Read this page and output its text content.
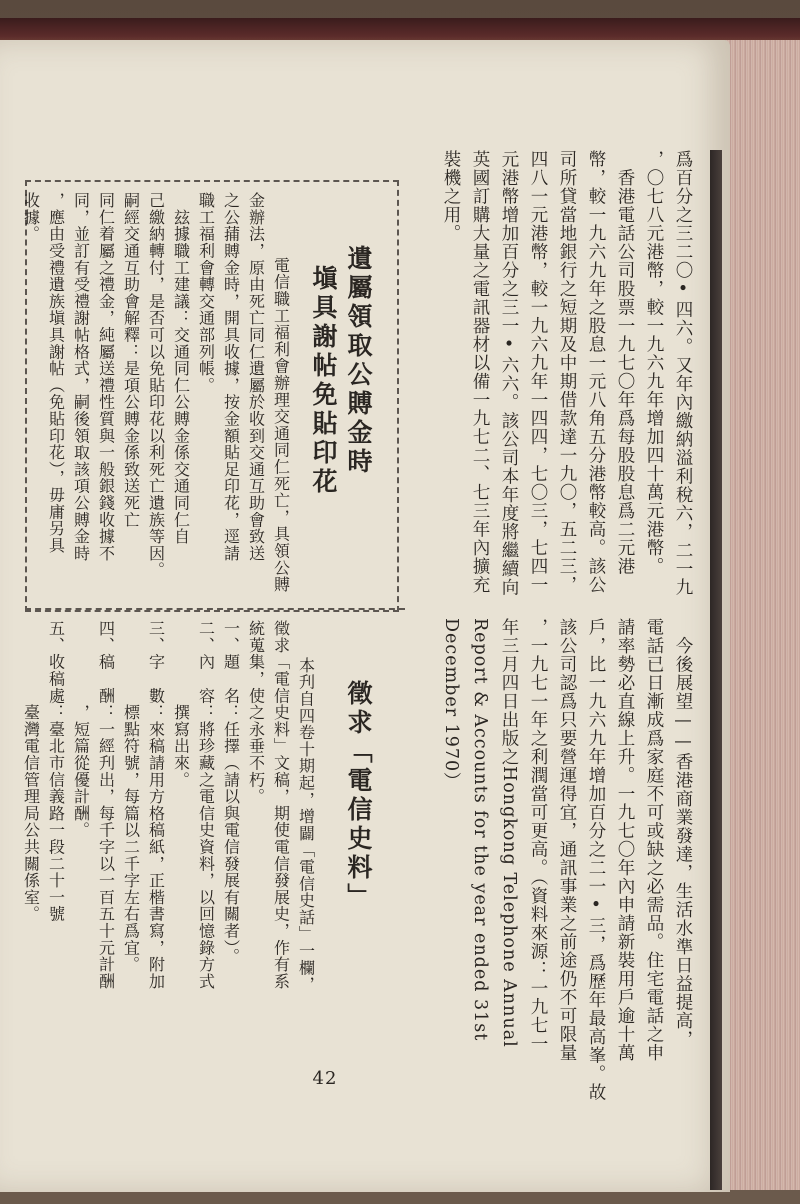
爲百分之三二〇•四六。又年內繳納溢利稅六，二一九
，〇七八元港幣，較一九六九年增加四十萬元港幣。
　香港電話公司股票一九七〇年爲每股股息爲二元港
幣，較一九六九年之股息一元八角五分港幣較高。該公
司所貸當地銀行之短期及中期借款達一九〇，五二三，
四八一元港幣，較一九六九年一四四，七〇三，七四一
元港幣增加百分之三一•六六。該公司本年度將繼續向
英國訂購大量之電訊器材以備一九七二、七三年內擴充
裝機之用。
　今後展望——香港商業發達，生活水準日益提高，
電話已日漸成爲家庭不可或缺之必需品。住宅電話之申
請率勢必直線上升。一九七〇年內申請新裝用戶逾十萬
戶，比一九六九年增加百分之二一•三，爲歷年最高峯。故
該公司認爲只要營運得宜，通訊事業之前途仍不可限量
，一九七一年之利潤當可更高。（資料來源：一九七一
年三月四日出版之Hongkong Telephone Annual
Report & Accounts for the year ended 31st
December 1970）
遺屬領取公賻金時
塡具謝帖免貼印花
　電信職工福利會辦理交通同仁死亡，具領公賻
金辦法，原由死亡同仁遺屬於收到交通互助會致送
之公蒱賻金時，開具收據，按金額貼足印花，逕請
職工福利會轉交通部列帳。
　玆據職工建議：交通同仁公賻金係交通同仁自
己繳納轉付，是否可以免貼印花以利死亡遺族等因。
嗣經交通互助會解釋：是項公賻金係致送死亡
同仁着屬之禮金，純屬送禮性質與一般銀錢收據不
同，並訂有受禮謝帖格式，嗣後領取該項公賻金時
，應由受禮遺族塡具謝帖（免貼印花），毋庸另具
收據。
徵求「電信史料」
　本刋自四卷十期起，增闢「電信史話」一欄，
徵求「電信史料」文稿，期使電信發展史，作有系
統蒐集，使之永垂不朽。
一、題　名：任擇（請以與電信發展有關者）。
二、內　容：將珍藏之電信史資料，以回憶錄方式
　　　　　撰寫出來。
三、字　數：來稿請用方格稿紙，正楷書寫，附加
　　　　　標點符號，每篇以二千字左右爲宜。
四、稿　酬：一經刋出，每千字以一百五十元計酬
　　　　　，短篇從優計酬。
五、收稿處：臺北市信義路一段二十一號
　　　　　臺灣電信管理局公共關係室。
42
